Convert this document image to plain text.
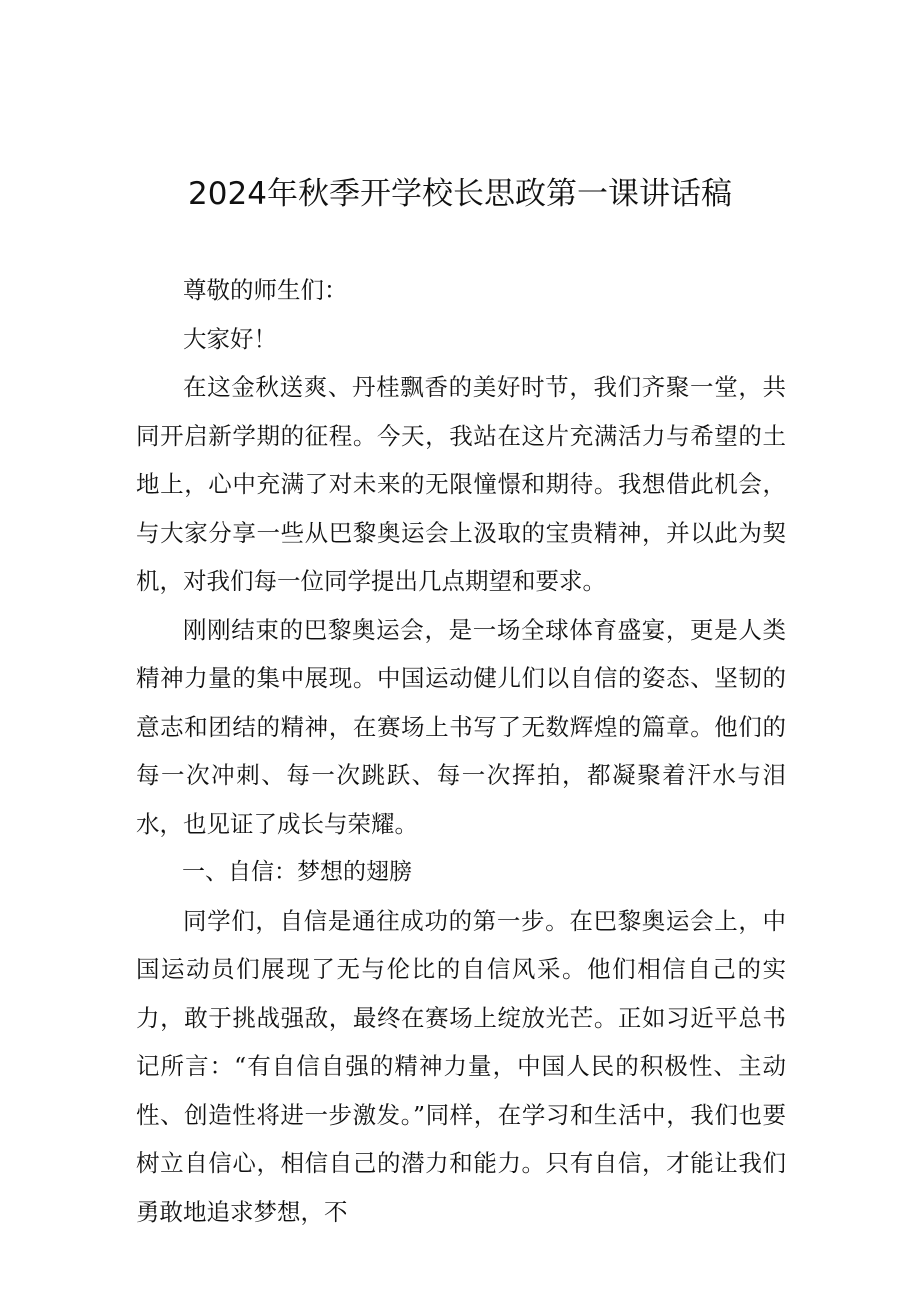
2024年秋季开学校长思政第一课讲话稿

尊敬的师生们：

大家好！

在这金秋送爽、丹桂飘香的美好时节，我们齐聚一堂，共同开启新学期的征程。今天，我站在这片充满活力与希望的土地上，心中充满了对未来的无限憧憬和期待。我想借此机会，与大家分享一些从巴黎奥运会上汲取的宝贵精神，并以此为契机，对我们每一位同学提出几点期望和要求。

刚刚结束的巴黎奥运会，是一场全球体育盛宴，更是人类精神力量的集中展现。中国运动健儿们以自信的姿态、坚韧的意志和团结的精神，在赛场上书写了无数辉煌的篇章。他们的每一次冲刺、每一次跳跃、每一次挥拍，都凝聚着汗水与泪水，也见证了成长与荣耀。

一、自信：梦想的翅膀

同学们，自信是通往成功的第一步。在巴黎奥运会上，中国运动员们展现了无与伦比的自信风采。他们相信自己的实力，敢于挑战强敌，最终在赛场上绽放光芒。正如习近平总书记所言：“有自信自强的精神力量，中国人民的积极性、主动性、创造性将进一步激发。”同样，在学习和生活中，我们也要树立自信心，相信自己的潜力和能力。只有自信，才能让我们勇敢地追求梦想，不
